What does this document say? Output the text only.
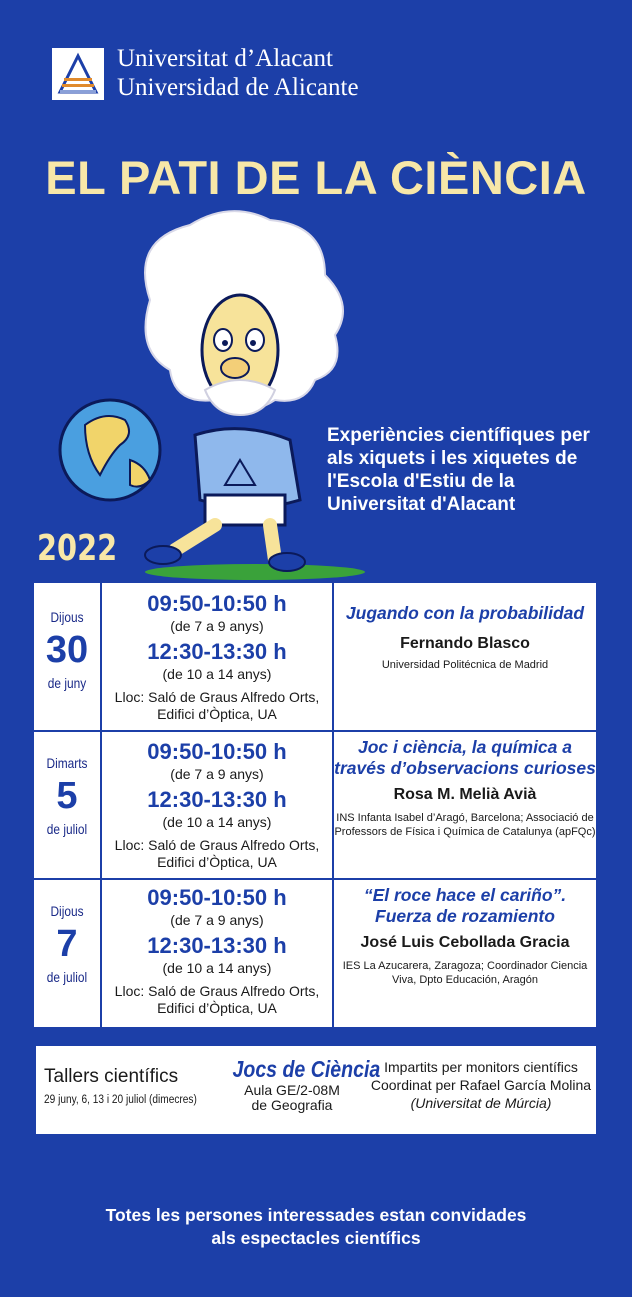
Universitat d’Alacant
Universidad de Alicante
EL PATI DE LA CIÈNCIA
Experiències científiques per als xiquets i les xiquetes de l'Escola d'Estiu de la Universitat d'Alacant
2022
Dijous
30
de juny
09:50-10:50 h
(de 7 a 9 anys)
12:30-13:30 h
(de 10 a 14 anys)
Lloc: Saló de Graus Alfredo Orts,
Edifici d’Òptica, UA
Jugando con la probabilidad
Fernando Blasco
Universidad Politécnica de Madrid
Dimarts
5
de juliol
09:50-10:50 h
(de 7 a 9 anys)
12:30-13:30 h
(de 10 a 14 anys)
Lloc: Saló de Graus Alfredo Orts,
Edifici d’Òptica, UA
Joc i ciència, la química a través d’observacions curioses
Rosa M. Melià Avià
INS Infanta Isabel d’Aragó, Barcelona; Associació de Professors de Física i Química de Catalunya (apFQc)
Dijous
7
de juliol
09:50-10:50 h
(de 7 a 9 anys)
12:30-13:30 h
(de 10 a 14 anys)
Lloc: Saló de Graus Alfredo Orts,
Edifici d’Òptica, UA
“El roce hace el cariño”. Fuerza de rozamiento
José Luis Cebollada Gracia
IES La Azucarera, Zaragoza; Coordinador Ciencia Viva, Dpto Educación, Aragón
Tallers científics
29 juny, 6, 13 i 20 juliol (dimecres)
Jocs de Ciència
Aula GE/2-08M
de Geografia
Impartits per monitors científics
Coordinat per Rafael García Molina
(Universitat de Múrcia)
Totes les persones interessades estan convidades
als espectacles científics
